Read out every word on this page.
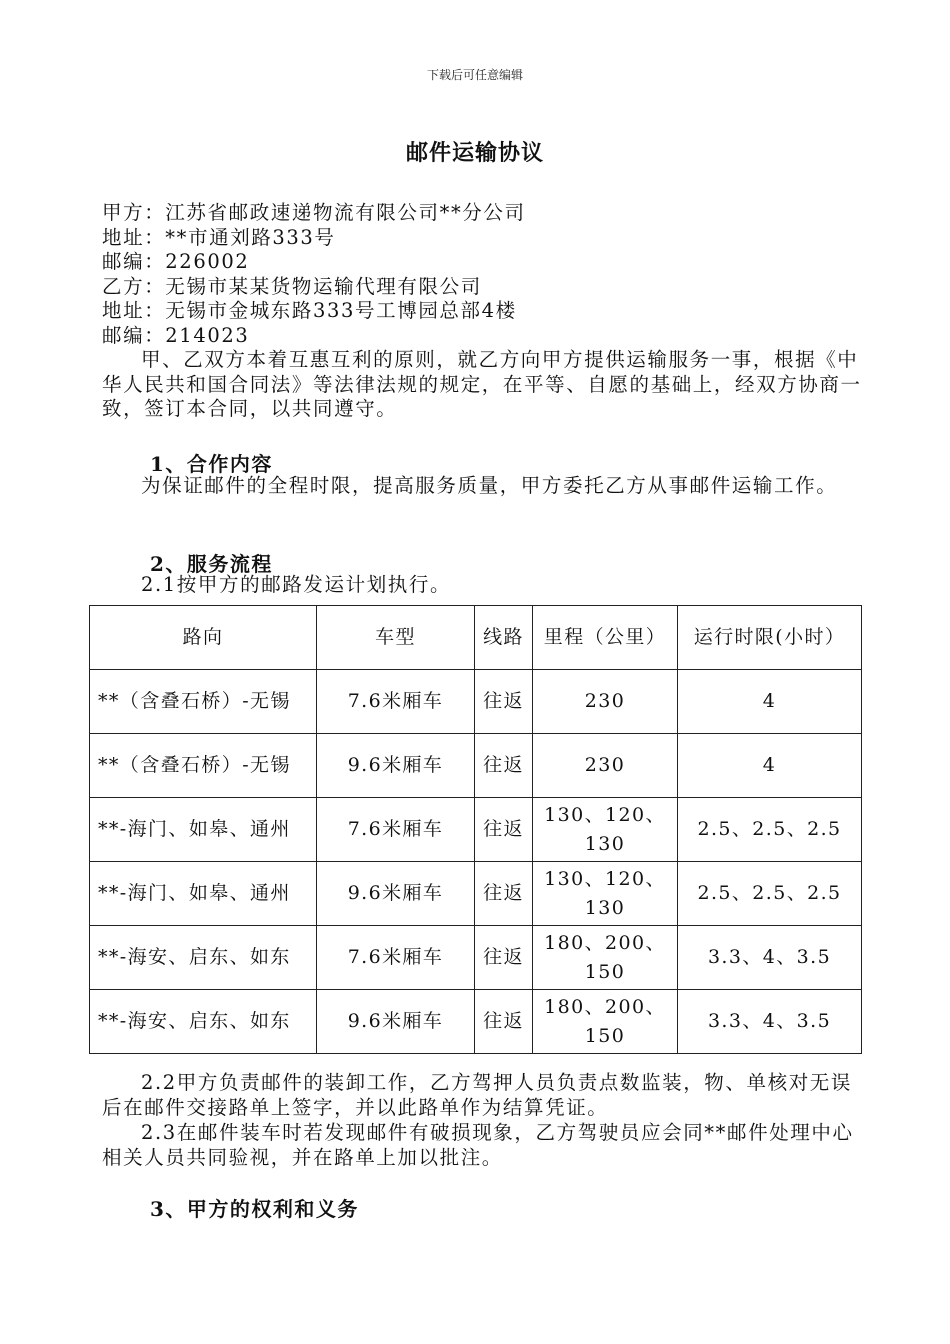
下载后可任意编辑
邮件运输协议
甲方：江苏省邮政速递物流有限公司**分公司
地址：**市通刘路333号
邮编：226002
乙方：无锡市某某货物运输代理有限公司
地址：无锡市金城东路333号工博园总部4楼
邮编：214023
甲、乙双方本着互惠互利的原则，就乙方向甲方提供运输服务一事，根据《中华人民共和国合同法》等法律法规的规定，在平等、自愿的基础上，经双方协商一致，签订本合同，以共同遵守。
1、合作内容
为保证邮件的全程时限，提高服务质量，甲方委托乙方从事邮件运输工作。
2、服务流程
2.1按甲方的邮路发运计划执行。
路向	车型	线路	里程（公里）	运行时限(小时）
**（含叠石桥）-无锡	7.6米厢车	往返	230	4
**（含叠石桥）-无锡	9.6米厢车	往返	230	4
**-海门、如皋、通州	7.6米厢车	往返	130、120、130	2.5、2.5、2.5
**-海门、如皋、通州	9.6米厢车	往返	130、120、130	2.5、2.5、2.5
**-海安、启东、如东	7.6米厢车	往返	180、200、150	3.3、4、3.5
**-海安、启东、如东	9.6米厢车	往返	180、200、150	3.3、4、3.5
2.2甲方负责邮件的装卸工作，乙方驾押人员负责点数监装，物、单核对无误后在邮件交接路单上签字，并以此路单作为结算凭证。
2.3在邮件装车时若发现邮件有破损现象，乙方驾驶员应会同**邮件处理中心相关人员共同验视，并在路单上加以批注。
3、甲方的权利和义务
